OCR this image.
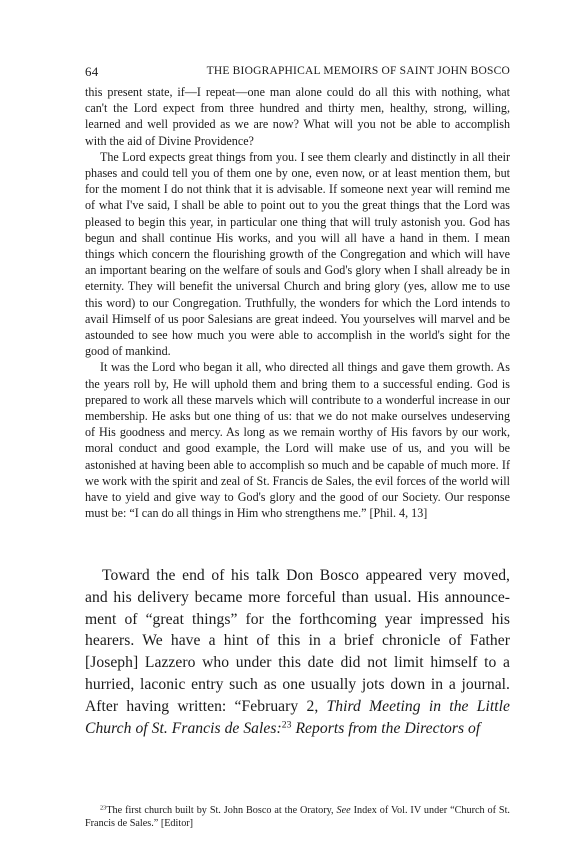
64	THE BIOGRAPHICAL MEMOIRS OF SAINT JOHN BOSCO

this present state, if—I repeat—one man alone could do all this with nothing, what can't the Lord expect from three hundred and thirty men, healthy, strong, willing, learned and well provided as we are now? What will you not be able to accomplish with the aid of Divine Providence?

The Lord expects great things from you. I see them clearly and distinctly in all their phases and could tell you of them one by one, even now, or at least mention them, but for the moment I do not think that it is advisable. If someone next year will remind me of what I've said, I shall be able to point out to you the great things that the Lord was pleased to begin this year, in particular one thing that will truly astonish you. God has begun and shall continue His works, and you will all have a hand in them. I mean things which concern the flourishing growth of the Congregation and which will have an important bearing on the welfare of souls and God's glory when I shall already be in eternity. They will benefit the universal Church and bring glory (yes, allow me to use this word) to our Congregation. Truthfully, the wonders for which the Lord intends to avail Himself of us poor Salesians are great indeed. You yourselves will marvel and be astounded to see how much you were able to accomplish in the world's sight for the good of mankind.

It was the Lord who began it all, who directed all things and gave them growth. As the years roll by, He will uphold them and bring them to a successful ending. God is prepared to work all these marvels which will contribute to a wonderful increase in our membership. He asks but one thing of us: that we do not make ourselves undeserving of His goodness and mercy. As long as we remain worthy of His favors by our work, moral conduct and good example, the Lord will make use of us, and you will be astonished at having been able to accomplish so much and be capable of much more. If we work with the spirit and zeal of St. Francis de Sales, the evil forces of the world will have to yield and give way to God's glory and the good of our Society. Our response must be: “I can do all things in Him who strengthens me.” [Phil. 4, 13]

Toward the end of his talk Don Bosco appeared very moved, and his delivery became more forceful than usual. His announcement of “great things” for the forthcoming year impressed his hearers. We have a hint of this in a brief chronicle of Father [Joseph] Lazzero who under this date did not limit himself to a hurried, laconic entry such as one usually jots down in a journal. After having written: “February 2, Third Meeting in the Little Church of St. Francis de Sales:$^{23}$ Reports from the Directors of

$^{23}$The first church built by St. John Bosco at the Oratory, See Index of Vol. IV under “Church of St. Francis de Sales.” [Editor]
